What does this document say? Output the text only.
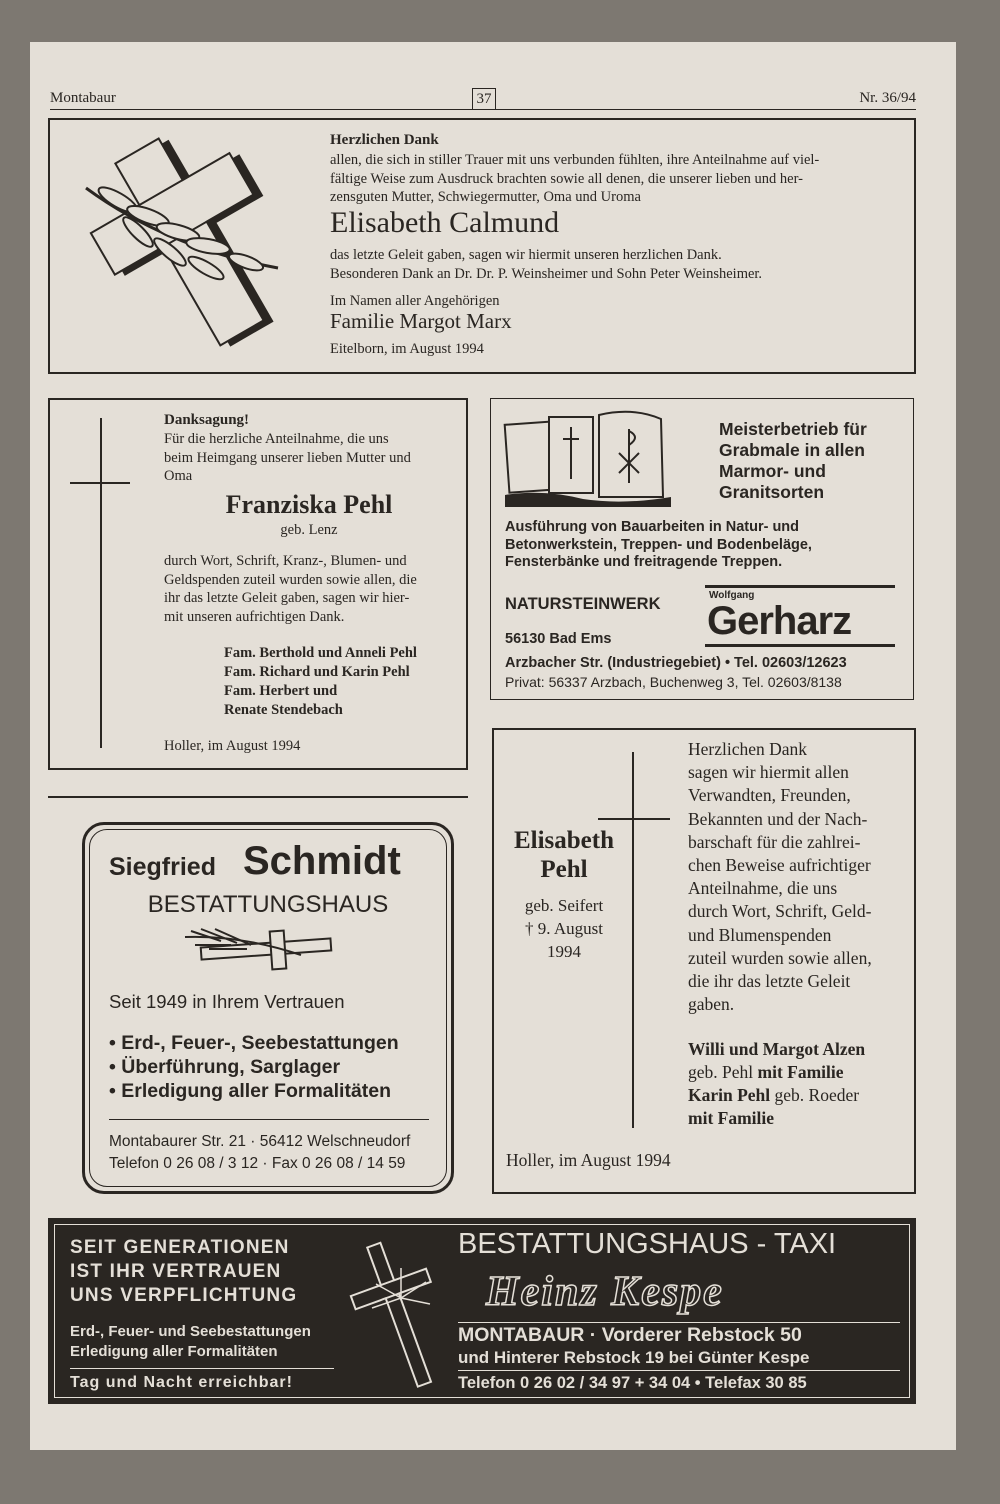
Montabaur	37	Nr. 36/94
Herzlichen Dank
allen, die sich in stiller Trauer mit uns verbunden fühlten, ihre Anteilnahme auf viel-
fältige Weise zum Ausdruck brachten sowie all denen, die unserer lieben und her-
zensguten Mutter, Schwiegermutter, Oma und Uroma
Elisabeth Calmund
das letzte Geleit gaben, sagen wir hiermit unseren herzlichen Dank.
Besonderen Dank an Dr. Dr. P. Weinsheimer und Sohn Peter Weinsheimer.
Im Namen aller Angehörigen
Familie Margot Marx
Eitelborn, im August 1994
Danksagung!
Für die herzliche Anteilnahme, die uns
beim Heimgang unserer lieben Mutter und
Oma
Franziska Pehl
geb. Lenz
durch Wort, Schrift, Kranz-, Blumen- und
Geldspenden zuteil wurden sowie allen, die
ihr das letzte Geleit gaben, sagen wir hier-
mit unseren aufrichtigen Dank.
Fam. Berthold und Anneli Pehl
Fam. Richard und Karin Pehl
Fam. Herbert und
Renate Stendebach
Holler, im August 1994
Meisterbetrieb für
Grabmale in allen
Marmor- und
Granitsorten
Ausführung von Bauarbeiten in Natur- und
Betonwerkstein, Treppen- und Bodenbeläge,
Fensterbänke und freitragende Treppen.
NATURSTEINWERK	Wolfgang
Gerharz
56130 Bad Ems
Arzbacher Str. (Industriegebiet) • Tel. 02603/12623
Privat: 56337 Arzbach, Buchenweg 3, Tel. 02603/8138
Siegfried Schmidt
BESTATTUNGSHAUS
Seit 1949 in Ihrem Vertrauen
• Erd-, Feuer-, Seebestattungen
• Überführung, Sarglager
• Erledigung aller Formalitäten
Montabaurer Str. 21 · 56412 Welschneudorf
Telefon 0 26 08 / 3 12 · Fax 0 26 08 / 14 59
Elisabeth
Pehl
geb. Seifert
† 9. August
1994
Herzlichen Dank
sagen wir hiermit allen
Verwandten, Freunden,
Bekannten und der Nach-
barschaft für die zahlrei-
chen Beweise aufrichtiger
Anteilnahme, die uns
durch Wort, Schrift, Geld-
und Blumenspenden
zuteil wurden sowie allen,
die ihr das letzte Geleit
gaben.
Willi und Margot Alzen
geb. Pehl mit Familie
Karin Pehl geb. Roeder
mit Familie
Holler, im August 1994
SEIT GENERATIONEN
IST IHR VERTRAUEN
UNS VERPFLICHTUNG
Erd-, Feuer- und Seebestattungen
Erledigung aller Formalitäten
Tag und Nacht erreichbar!
BESTATTUNGSHAUS - TAXI
Heinz Kespe
MONTABAUR · Vorderer Rebstock 50
und Hinterer Rebstock 19 bei Günter Kespe
Telefon 0 26 02 / 34 97 + 34 04 • Telefax 30 85
